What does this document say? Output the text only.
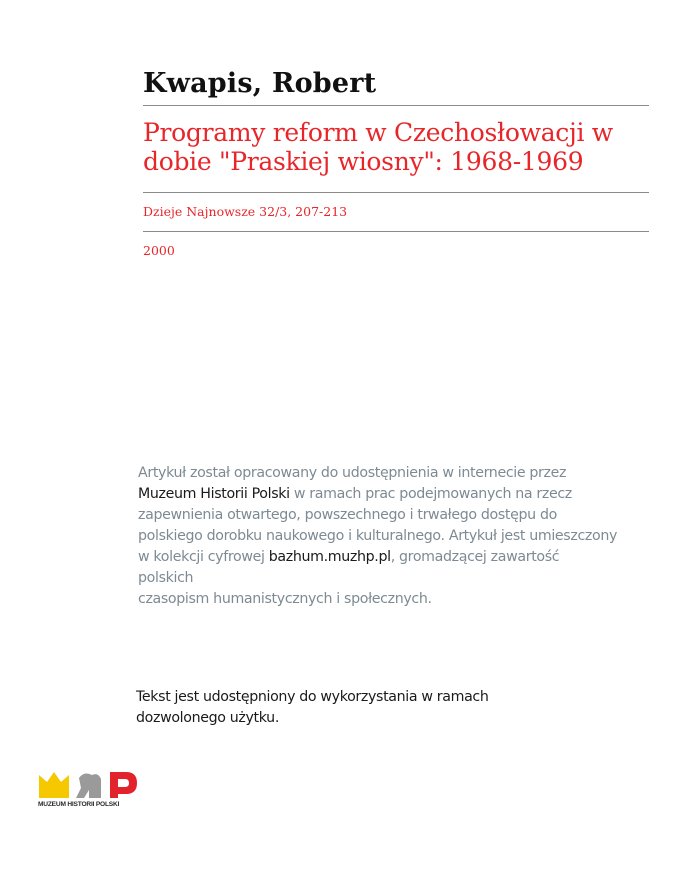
Kwapis, Robert
Programy reform w Czechosłowacji w
dobie "Praskiej wiosny": 1968-1969
Dzieje Najnowsze 32/3, 207-213
2000

Artykuł został opracowany do udostępnienia w internecie przez
Muzeum Historii Polski w ramach prac podejmowanych na rzecz
zapewnienia otwartego, powszechnego i trwałego dostępu do
polskiego dorobku naukowego i kulturalnego. Artykuł jest umieszczony
w kolekcji cyfrowej bazhum.muzhp.pl, gromadzącej zawartość polskich
czasopism humanistycznych i społecznych.

Tekst jest udostępniony do wykorzystania w ramach
dozwolonego użytku.

MUZEUM HISTORII POLSKI
